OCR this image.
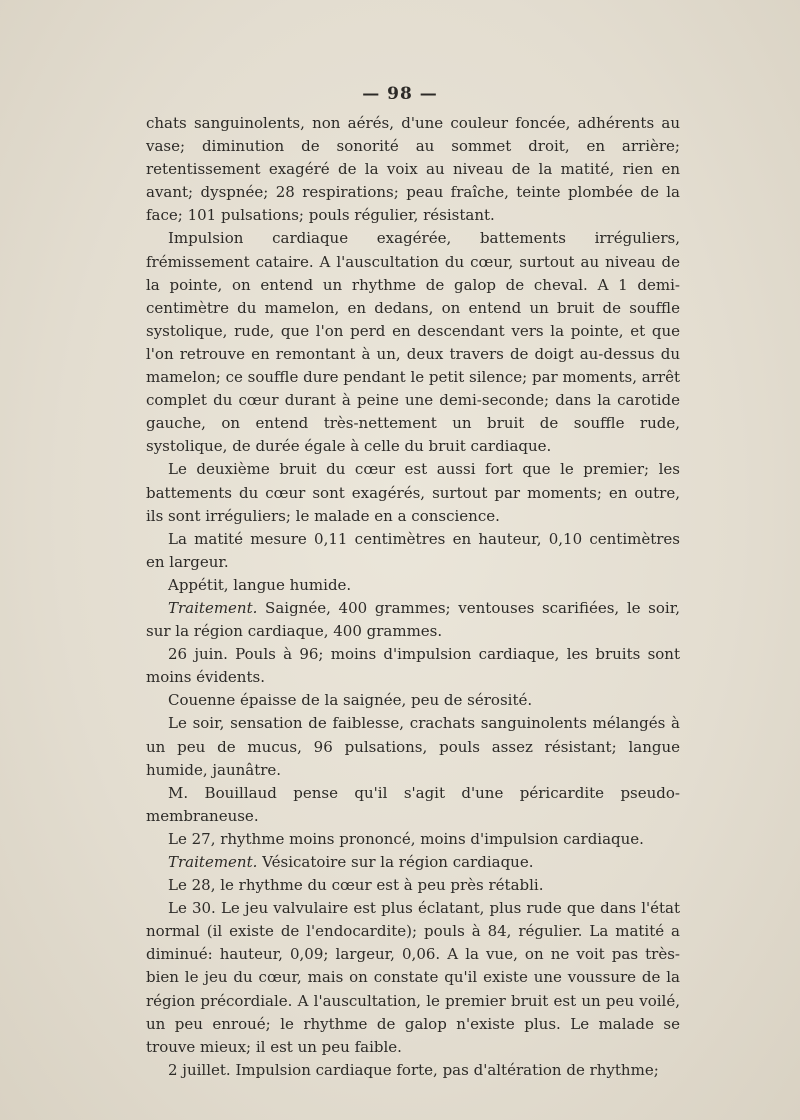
— 98 —

chats sanguinolents, non aérés, d'une couleur foncée, adhérents au vase; diminution de sonorité au sommet droit, en arrière; retentissement exagéré de la voix au niveau de la matité, rien en avant; dyspnée; 28 respirations; peau fraîche, teinte plombée de la face; 101 pulsations; pouls régulier, résistant.

Impulsion cardiaque exagérée, battements irréguliers, frémissement cataire. A l'auscultation du cœur, surtout au niveau de la pointe, on entend un rhythme de galop de cheval. A 1 demi-centimètre du mamelon, en dedans, on entend un bruit de souffle systolique, rude, que l'on perd en descendant vers la pointe, et que l'on retrouve en remontant à un, deux travers de doigt au-dessus du mamelon; ce souffle dure pendant le petit silence; par moments, arrêt complet du cœur durant à peine une demi-seconde; dans la carotide gauche, on entend très-nettement un bruit de souffle rude, systolique, de durée égale à celle du bruit cardiaque.

Le deuxième bruit du cœur est aussi fort que le premier; les battements du cœur sont exagérés, surtout par moments; en outre, ils sont irréguliers; le malade en a conscience.

La matité mesure 0,11 centimètres en hauteur, 0,10 centimètres en largeur.

Appétit, langue humide.

Traitement. Saignée, 400 grammes; ventouses scarifiées, le soir, sur la région cardiaque, 400 grammes.

26 juin. Pouls à 96; moins d'impulsion cardiaque, les bruits sont moins évidents.

Couenne épaisse de la saignée, peu de sérosité.

Le soir, sensation de faiblesse, crachats sanguinolents mélangés à un peu de mucus, 96 pulsations, pouls assez résistant; langue humide, jaunâtre.

M. Bouillaud pense qu'il s'agit d'une péricardite pseudo-membraneuse.

Le 27, rhythme moins prononcé, moins d'impulsion cardiaque.

Traitement. Vésicatoire sur la région cardiaque.

Le 28, le rhythme du cœur est à peu près rétabli.

Le 30. Le jeu valvulaire est plus éclatant, plus rude que dans l'état normal (il existe de l'endocardite); pouls à 84, régulier. La matité a diminué: hauteur, 0,09; largeur, 0,06. A la vue, on ne voit pas très-bien le jeu du cœur, mais on constate qu'il existe une voussure de la région précordiale. A l'auscultation, le premier bruit est un peu voilé, un peu enroué; le rhythme de galop n'existe plus. Le malade se trouve mieux; il est un peu faible.

2 juillet. Impulsion cardiaque forte, pas d'altération de rhythme;
